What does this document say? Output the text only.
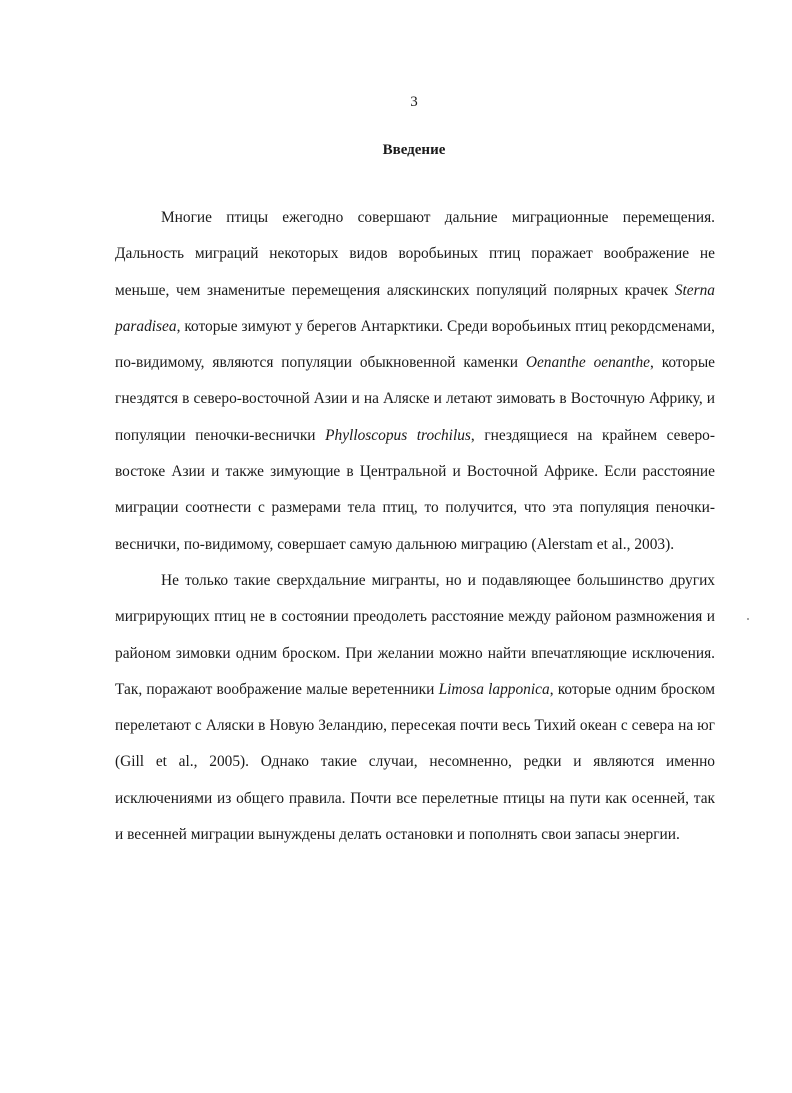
3
Введение

Многие птицы ежегодно совершают дальние миграционные перемещения. Дальность миграций некоторых видов воробьиных птиц поражает воображение не меньше, чем знаменитые перемещения аляскинских популяций полярных крачек Sterna paradisea, которые зимуют у берегов Антарктики. Среди воробьиных птиц рекордсменами, по-видимому, являются популяции обыкновенной каменки Oenanthe oenanthe, которые гнездятся в северо-восточной Азии и на Аляске и летают зимовать в Восточную Африку, и популяции пеночки-веснички Phylloscopus trochilus, гнездящиеся на крайнем северо-востоке Азии и также зимующие в Центральной и Восточной Африке. Если расстояние миграции соотнести с размерами тела птиц, то получится, что эта популяция пеночки-веснички, по-видимому, совершает самую дальнюю миграцию (Alerstam et al., 2003).

Не только такие сверхдальние мигранты, но и подавляющее большинство других мигрирующих птиц не в состоянии преодолеть расстояние между районом размножения и районом зимовки одним броском. При желании можно найти впечатляющие исключения. Так, поражают воображение малые веретенники Limosa lapponica, которые одним броском перелетают с Аляски в Новую Зеландию, пересекая почти весь Тихий океан с севера на юг (Gill et al., 2005). Однако такие случаи, несомненно, редки и являются именно исключениями из общего правила. Почти все перелетные птицы на пути как осенней, так и весенней миграции вынуждены делать остановки и пополнять свои запасы энергии.
